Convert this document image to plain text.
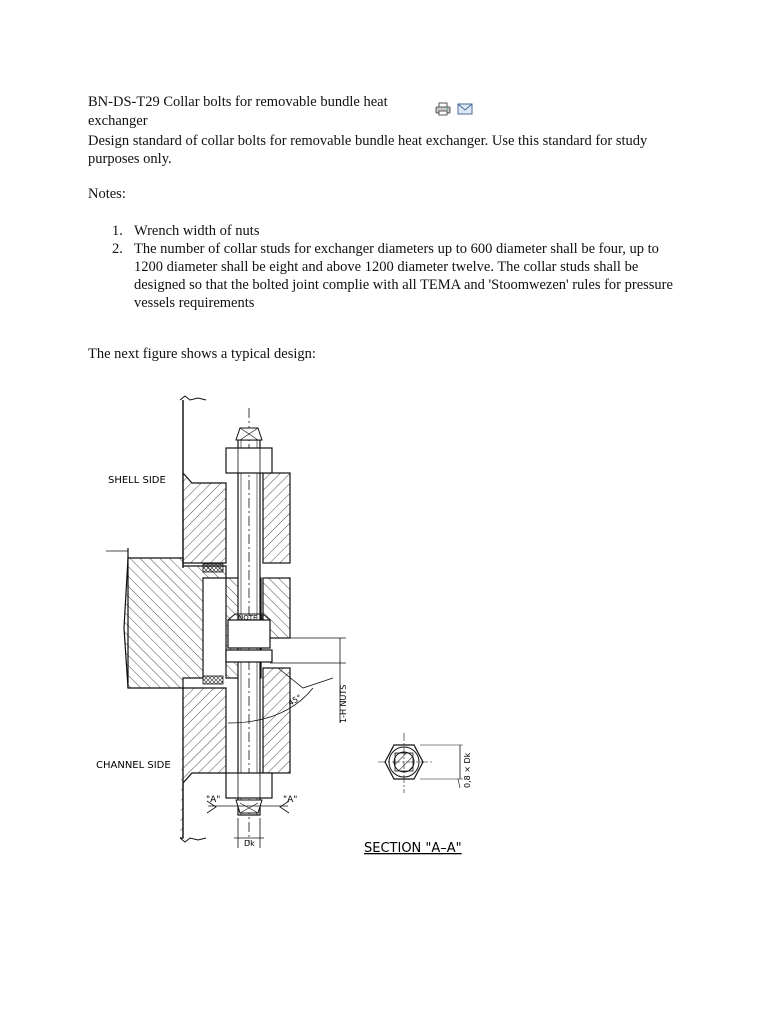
BN-DS-T29 Collar bolts for removable bundle heat exchanger
Design standard of collar bolts for removable bundle heat exchanger. Use this standard for study purposes only.
Notes:
1. Wrench width of nuts
2. The number of collar studs for exchanger diameters up to 600 diameter shall be four, up to 1200 diameter shall be eight and above 1200 diameter twelve. The collar studs shall be designed so that the bolted joint complie with all TEMA and 'Stoomwezen' rules for pressure vessels requirements
The next figure shows a typical design:
SHELL SIDE
CHANNEL SIDE
NOTE 1
45°	1-H NUTS
"A"	"A"
Dk
0,8 × Dk
SECTION "A–A"
